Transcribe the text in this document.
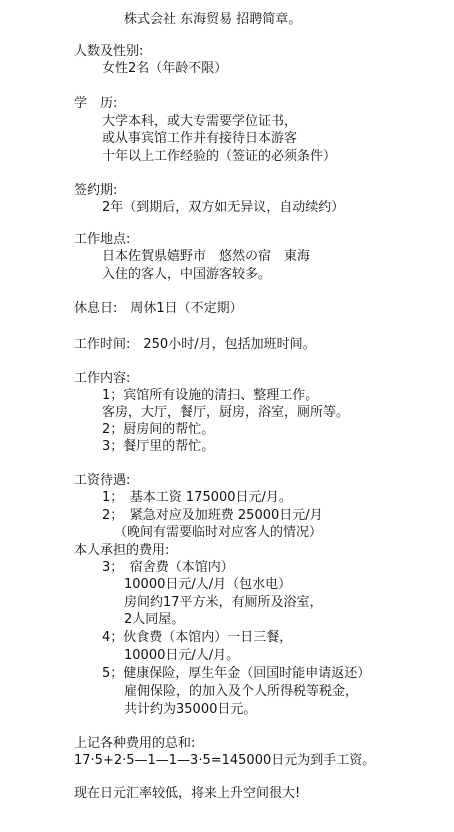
株式会社 东海贸易 招聘简章。
人数及性别:
女性2名（年龄不限）
学　历:
大学本科，或大专需要学位证书，
或从事宾馆工作并有接待日本游客
十年以上工作经验的（签证的必须条件）
签约期:
2年（到期后，双方如无异议，自动续约）
工作地点:
日本佐賀県嬉野市　悠然の宿　東海
入住的客人，中国游客较多。
休息日:　周休1日（不定期）
工作时间:　250小时/月，包括加班时间。
工作内容:
1；宾馆所有设施的清扫、整理工作。
客房，大厅，餐厅，厨房，浴室，厕所等。
2；厨房间的帮忙。
3；餐厅里的帮忙。
工资待遇:
1；　基本工资 175000日元/月。
2；　紧急对应及加班费 25000日元/月
（晚间有需要临时对应客人的情况）
本人承担的费用:
3；　宿舍费（本馆内）
10000日元/人/月（包水电）
房间约17平方米，有厕所及浴室，
2人同屋。
4；伙食费（本馆内）一日三餐，
10000日元/人/月。
5；健康保险，厚生年金（回国时能申请返还）
雇佣保险，的加入及个人所得税等税金，
共计约为35000日元。
上记各种费用的总和:
17·5+2·5—1—1—3·5=145000日元为到手工资。
现在日元汇率较低，将来上升空间很大!
